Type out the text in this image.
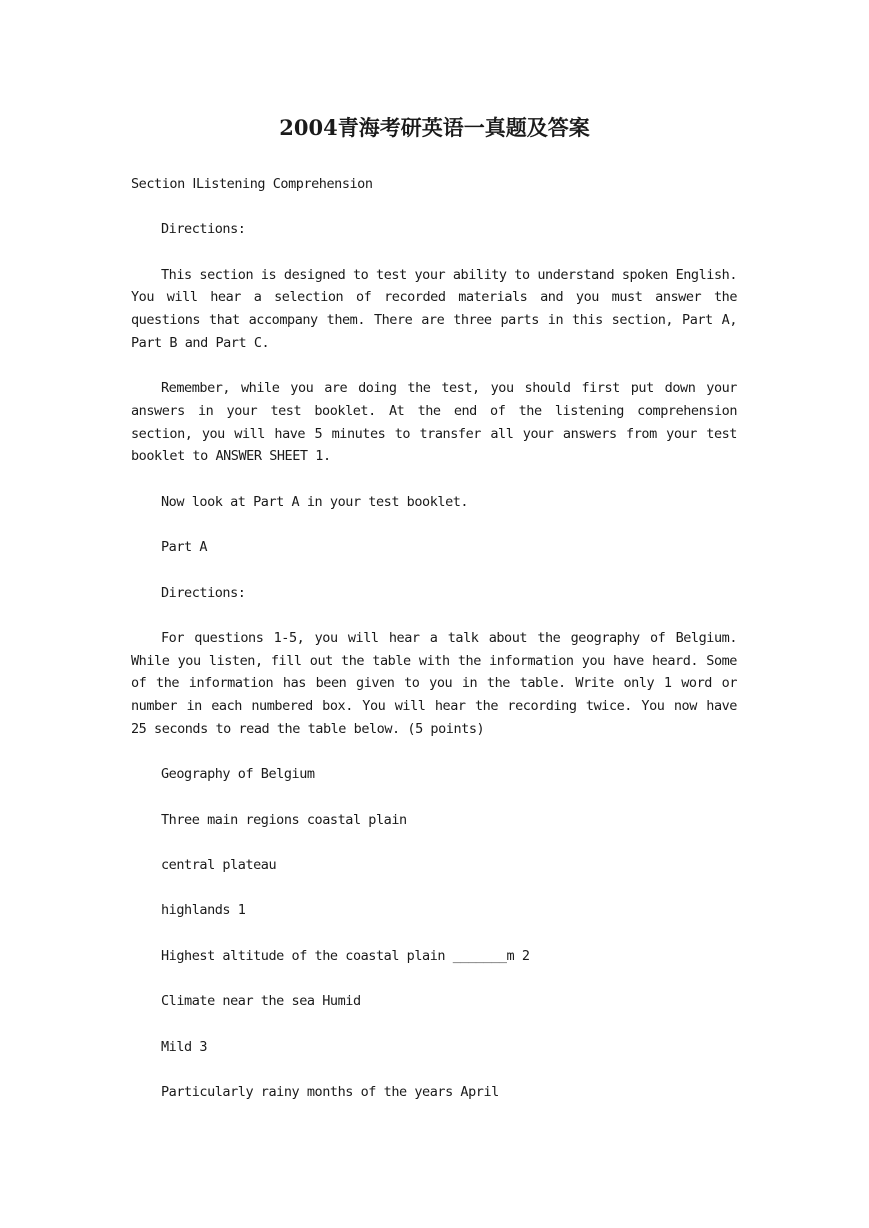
2004青海考研英语一真题及答案

Section ⅠListening Comprehension

Directions:

This section is designed to test your ability to understand spoken English. You will hear a selection of recorded materials and you must answer the questions that accompany them. There are three parts in this section, Part A, Part B and Part C.

Remember, while you are doing the test, you should first put down your answers in your test booklet. At the end of the listening comprehension section, you will have 5 minutes to transfer all your answers from your test booklet to ANSWER SHEET 1.

Now look at Part A in your test booklet.

Part A

Directions:

For questions 1-5, you will hear a talk about the geography of Belgium. While you listen, fill out the table with the information you have heard. Some of the information has been given to you in the table. Write only 1 word or number in each numbered box. You will hear the recording twice. You now have 25 seconds to read the table below. (5 points)

Geography of Belgium

Three main regions coastal plain

central plateau

highlands 1

Highest altitude of the coastal plain _______m 2

Climate near the sea Humid

Mild 3

Particularly rainy months of the years April
